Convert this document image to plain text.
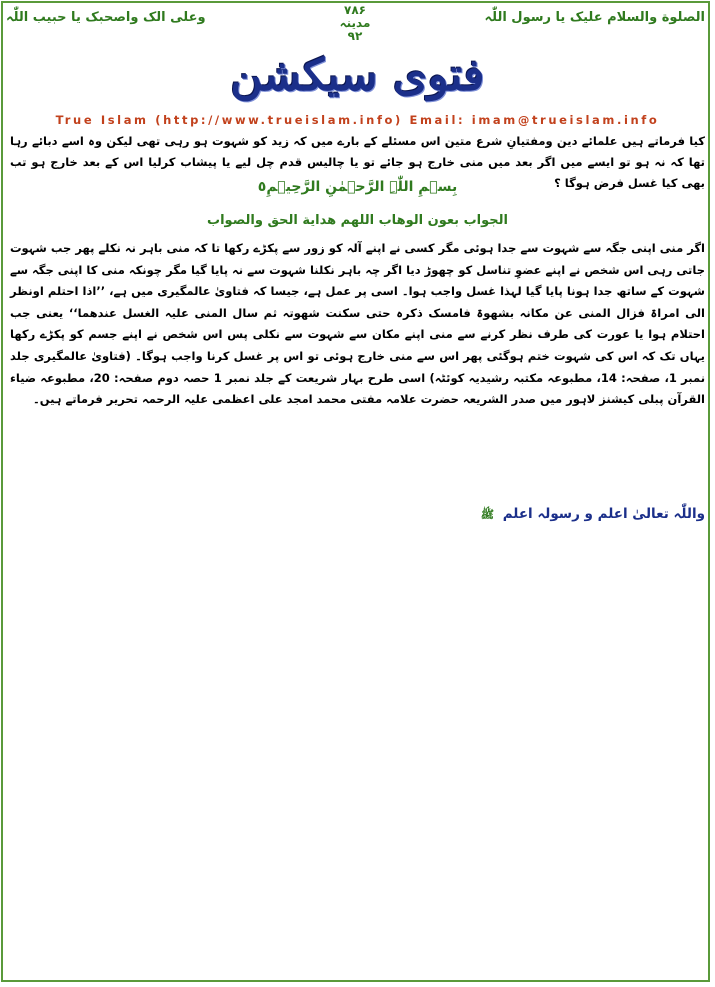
الصلوة والسلام علیک یا رسول اللّٰہ
۷۸۶
مدینہ
۹۲
وعلی الک واصحبک یا حبیب اللّٰہ
فتوی سیکشن
True Islam (http://www.trueislam.info) Email: imam@trueislam.info
کیا فرماتے ہیں علمائے دین ومفتیانِ شرع متین اس مسئلے کے بارے میں کہ زید کو شہوت ہو رہی تھی لیکن وہ اسے دبائے رہا تھا کہ نہ ہو تو ایسے میں اگر بعد میں منی خارج ہو جائے تو یا چالیس قدم چل لیے یا پیشاب کرلیا اس کے بعد خارج ہو تب بھی کیا غسل فرض ہوگا ؟
بِسۡمِ اللّٰہِ الرَّحۡمٰنِ الرَّحِیۡمِ٥
الجواب بعون الوهاب اللهم هداية الحق والصواب
اگر منی اپنی جگہ سے شہوت سے جدا ہوئی مگر کسی نے اپنے آلہ کو زور سے پکڑے رکھا تا کہ منی باہر نہ نکلے پھر جب شہوت جاتی رہی اس شخص نے اپنے عضوِ تناسل کو چھوڑ دیا اگر چہ باہر نکلنا شہوت سے نہ پایا گیا مگر چونکہ منی کا اپنی جگہ سے شہوت کے ساتھ جدا ہونا پایا گیا لہذا غسل واجب ہوا۔ اسی پر عمل ہے، جیسا کہ فتاویٰ عالمگیری میں ہے، ’’اذا احتلم اونظر الی امراۃ فزال المنی عن مکانہ بشھوۃ فامسک ذکرہ حتی سکنت شھوتہ ثم سال المنی علیہ الغسل عندھما‘‘ یعنی جب احتلام ہوا یا عورت کی طرف نظر کرنے سے منی اپنے مکان سے شہوت سے نکلی پس اس شخص نے اپنے جسم کو پکڑے رکھا یہاں تک کہ اس کی شہوت ختم ہوگئی پھر اس سے منی خارج ہوئی تو اس پر غسل کرنا واجب ہوگا۔ (فتاویٰ عالمگیری جلد نمبر 1، صفحہ: 14، مطبوعہ مکتبہ رشیدیہ کوئٹہ) اسی طرح بہار شریعت کے جلد نمبر 1 حصہ دوم صفحہ: 20، مطبوعہ ضیاء القرآن پبلی کیشنز لاہور میں صدر الشریعہ حضرت علامہ مفتی محمد امجد علی اعظمی علیہ الرحمہ تحریر فرماتے ہیں۔
واللّٰہ تعالیٰ اعلم و رسولہ اعلم ﷺ
